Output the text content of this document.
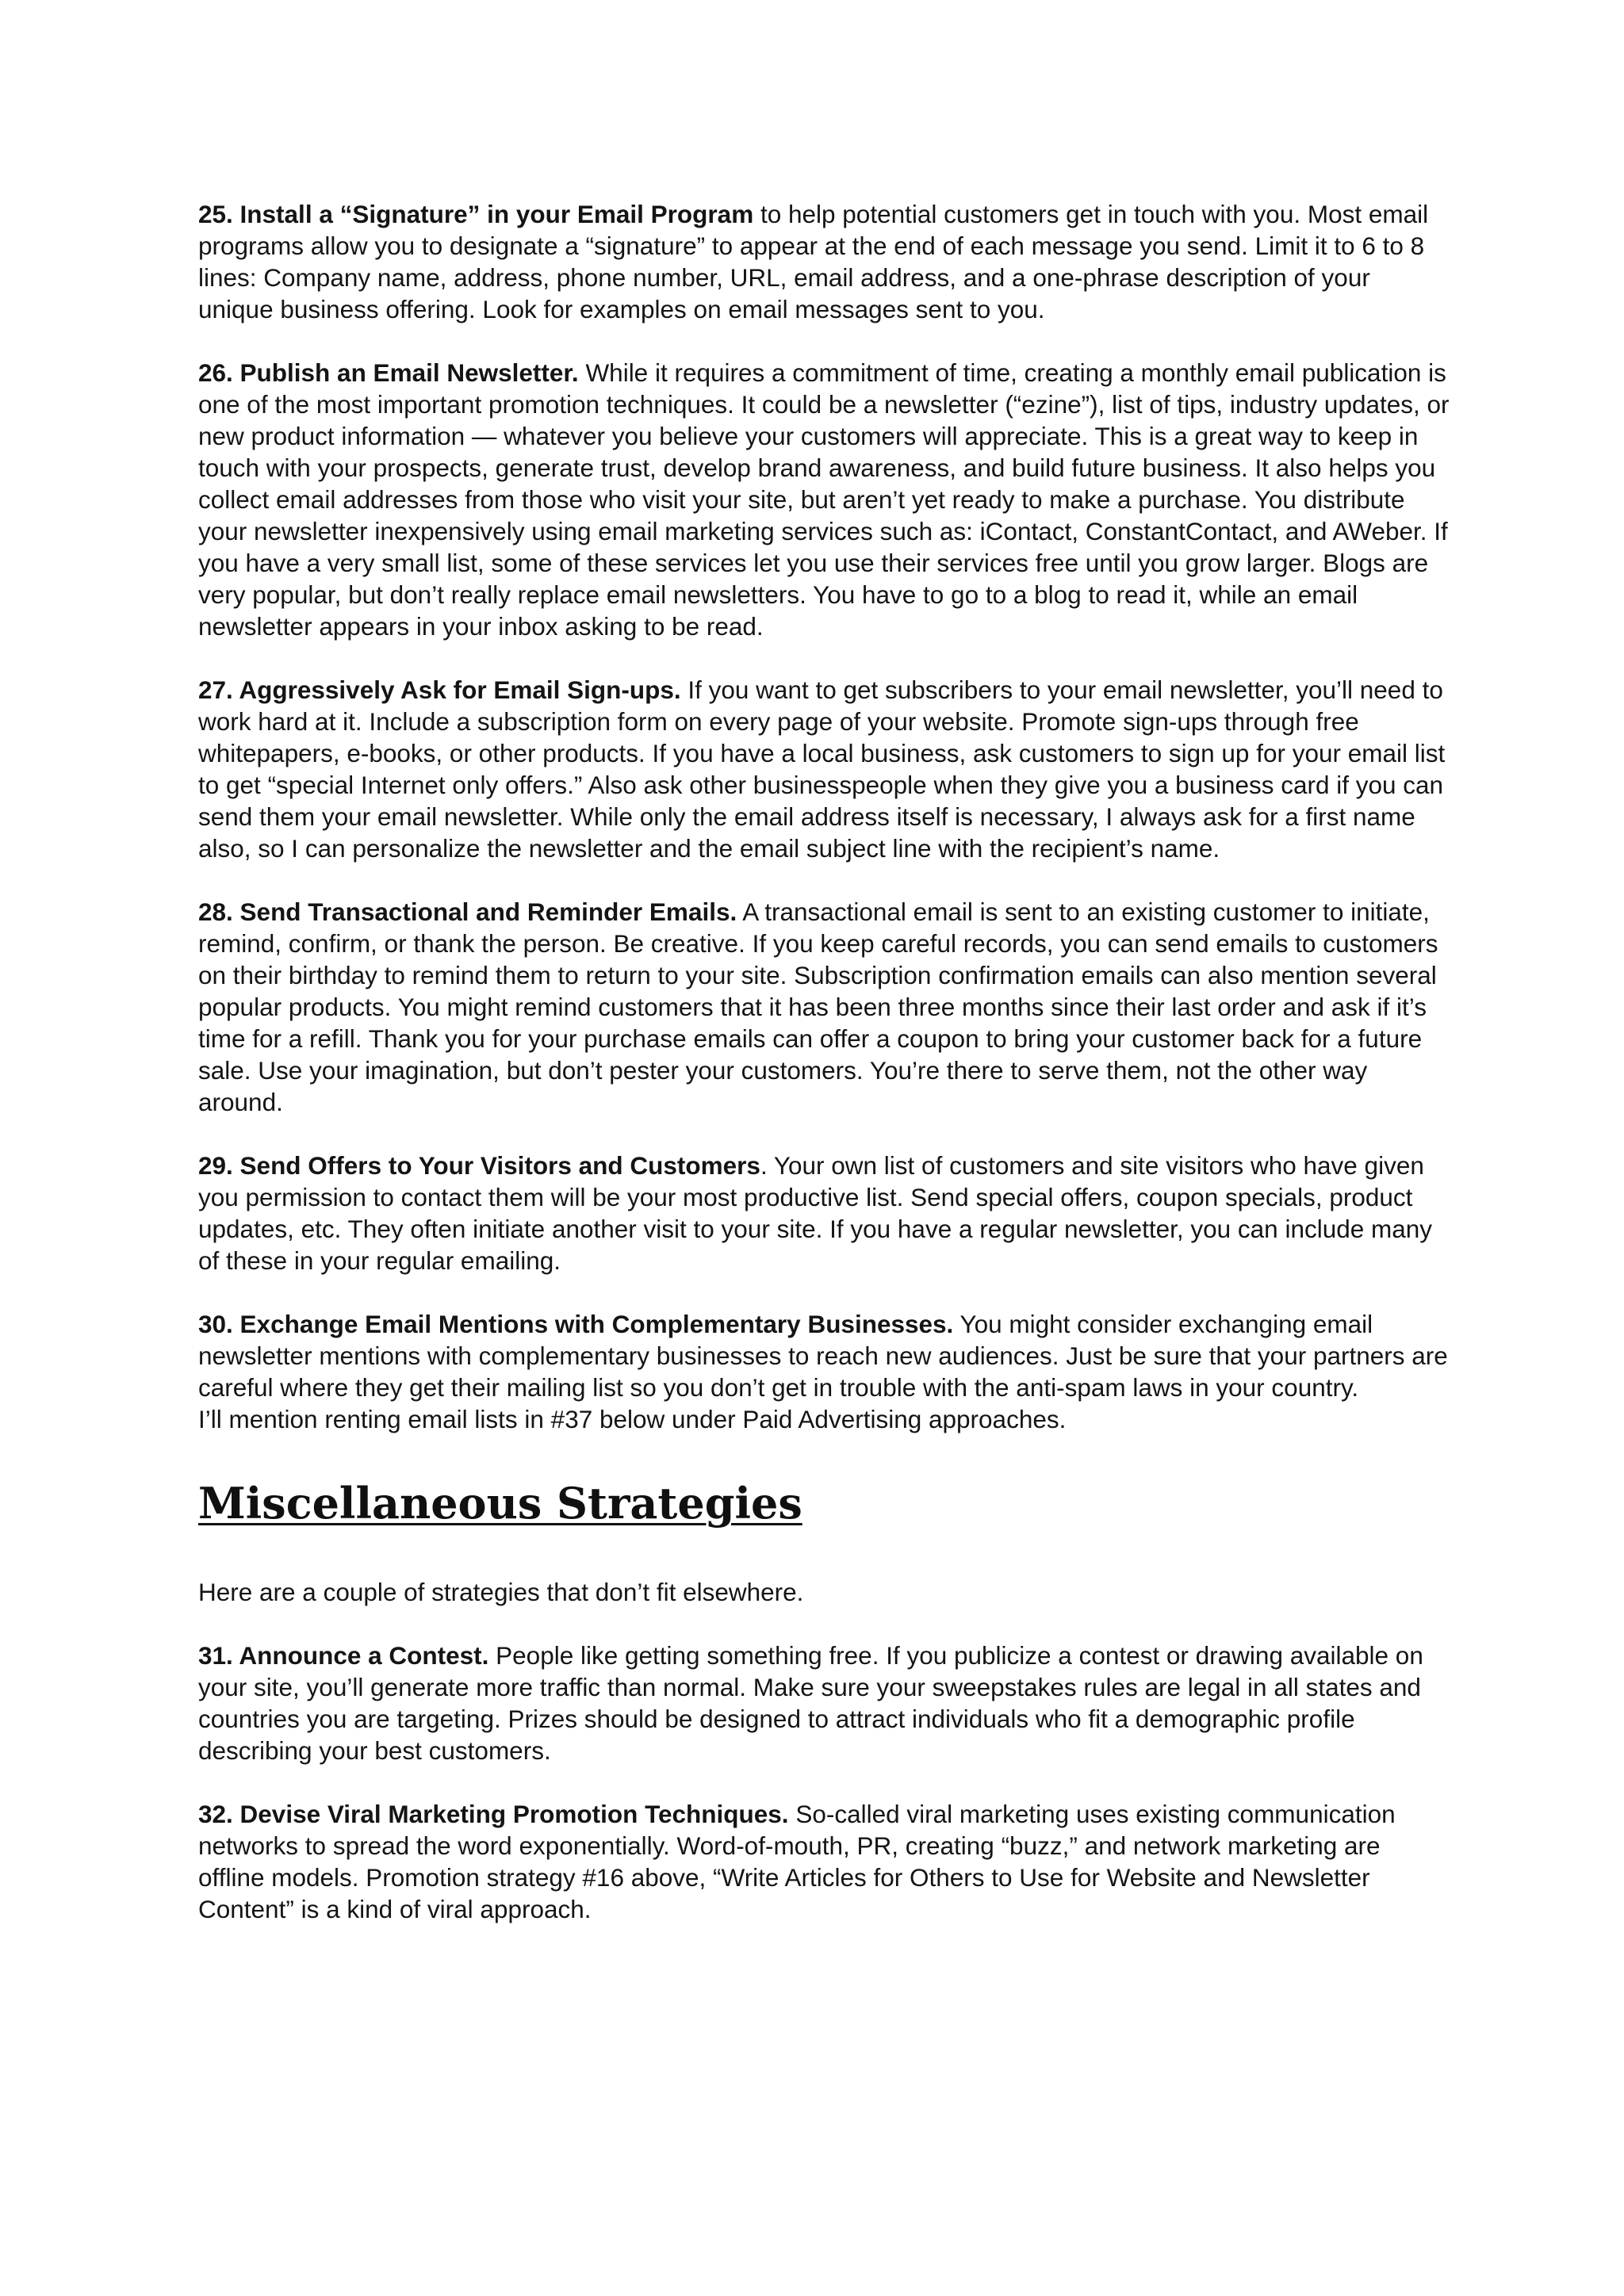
25. Install a “Signature” in your Email Program to help potential customers get in touch with you. Most email programs allow you to designate a “signature” to appear at the end of each message you send. Limit it to 6 to 8 lines: Company name, address, phone number, URL, email address, and a one-phrase description of your unique business offering. Look for examples on email messages sent to you.

26. Publish an Email Newsletter. While it requires a commitment of time, creating a monthly email publication is one of the most important promotion techniques. It could be a newsletter (“ezine”), list of tips, industry updates, or new product information — whatever you believe your customers will appreciate. This is a great way to keep in touch with your prospects, generate trust, develop brand awareness, and build future business. It also helps you collect email addresses from those who visit your site, but aren’t yet ready to make a purchase. You distribute your newsletter inexpensively using email marketing services such as: iContact, ConstantContact, and AWeber. If you have a very small list, some of these services let you use their services free until you grow larger. Blogs are very popular, but don’t really replace email newsletters. You have to go to a blog to read it, while an email newsletter appears in your inbox asking to be read.

27. Aggressively Ask for Email Sign-ups. If you want to get subscribers to your email newsletter, you’ll need to work hard at it. Include a subscription form on every page of your website. Promote sign-ups through free whitepapers, e-books, or other products. If you have a local business, ask customers to sign up for your email list to get “special Internet only offers.” Also ask other businesspeople when they give you a business card if you can send them your email newsletter. While only the email address itself is necessary, I always ask for a first name also, so I can personalize the newsletter and the email subject line with the recipient’s name.

28. Send Transactional and Reminder Emails. A transactional email is sent to an existing customer to initiate, remind, confirm, or thank the person. Be creative. If you keep careful records, you can send emails to customers on their birthday to remind them to return to your site. Subscription confirmation emails can also mention several popular products. You might remind customers that it has been three months since their last order and ask if it’s time for a refill. Thank you for your purchase emails can offer a coupon to bring your customer back for a future sale. Use your imagination, but don’t pester your customers. You’re there to serve them, not the other way around.

29. Send Offers to Your Visitors and Customers. Your own list of customers and site visitors who have given you permission to contact them will be your most productive list. Send special offers, coupon specials, product updates, etc. They often initiate another visit to your site. If you have a regular newsletter, you can include many of these in your regular emailing.

30. Exchange Email Mentions with Complementary Businesses. You might consider exchanging email newsletter mentions with complementary businesses to reach new audiences. Just be sure that your partners are careful where they get their mailing list so you don’t get in trouble with the anti-spam laws in your country.

I’ll mention renting email lists in #37 below under Paid Advertising approaches.

Miscellaneous Strategies

Here are a couple of strategies that don’t fit elsewhere.

31. Announce a Contest. People like getting something free. If you publicize a contest or drawing available on your site, you’ll generate more traffic than normal. Make sure your sweepstakes rules are legal in all states and countries you are targeting. Prizes should be designed to attract individuals who fit a demographic profile describing your best customers.

32. Devise Viral Marketing Promotion Techniques. So-called viral marketing uses existing communication networks to spread the word exponentially. Word-of-mouth, PR, creating “buzz,” and network marketing are offline models. Promotion strategy #16 above, “Write Articles for Others to Use for Website and Newsletter Content” is a kind of viral approach.
